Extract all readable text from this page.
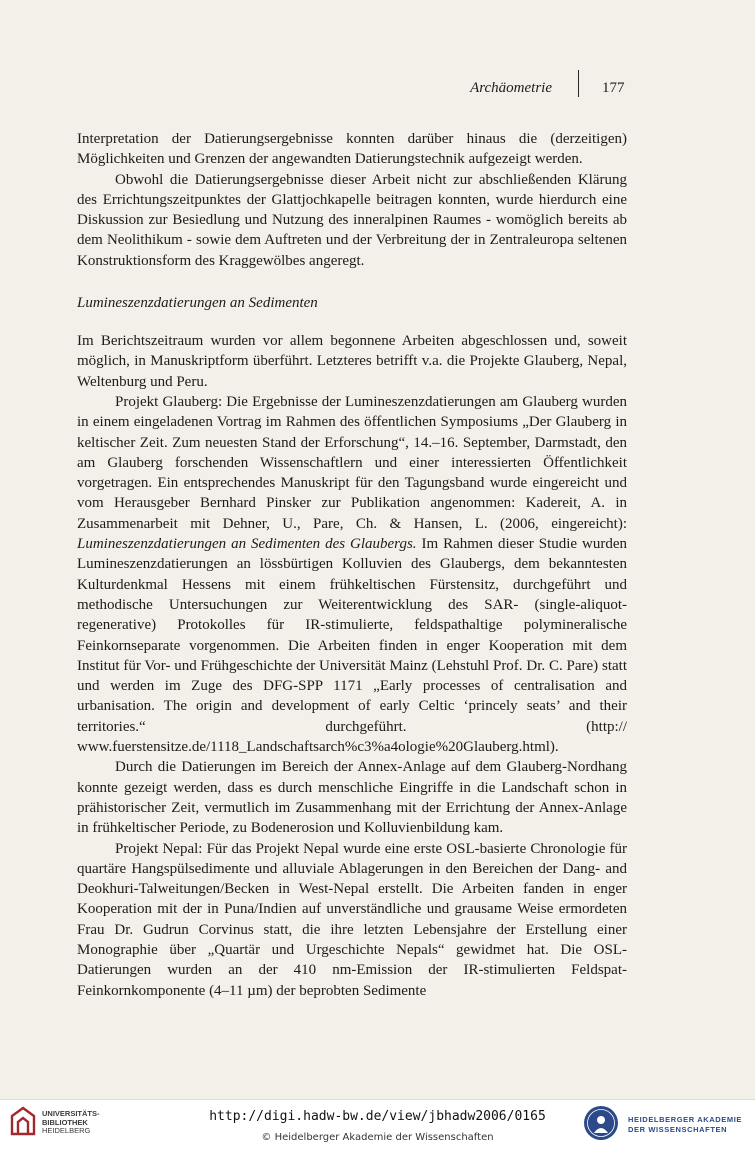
Archäometrie	177

Interpretation der Datierungsergebnisse konnten darüber hinaus die (derzeitigen) Möglichkeiten und Grenzen der angewandten Datierungstechnik aufgezeigt werden.

Obwohl die Datierungsergebnisse dieser Arbeit nicht zur abschließenden Klärung des Errichtungszeitpunktes der Glattjochkapelle beitragen konnten, wurde hierdurch eine Diskussion zur Besiedlung und Nutzung des inneralpinen Raumes - womöglich bereits ab dem Neolithikum - sowie dem Auftreten und der Verbreitung der in Zentraleuropa seltenen Konstruktionsform des Kraggewölbes angeregt.

Lumineszenzdatierungen an Sedimenten

Im Berichtszeitraum wurden vor allem begonnene Arbeiten abgeschlossen und, soweit möglich, in Manuskriptform überführt. Letzteres betrifft v.a. die Projekte Glauberg, Nepal, Weltenburg und Peru.

Projekt Glauberg: Die Ergebnisse der Lumineszenzdatierungen am Glauberg wurden in einem eingeladenen Vortrag im Rahmen des öffentlichen Symposiums „Der Glauberg in keltischer Zeit. Zum neuesten Stand der Erforschung“, 14.–16. September, Darmstadt, den am Glauberg forschenden Wissenschaftlern und einer interessierten Öffentlichkeit vorgetragen. Ein entsprechendes Manuskript für den Tagungsband wurde eingereicht und vom Herausgeber Bernhard Pinsker zur Publikation angenommen: Kadereit, A. in Zusammenarbeit mit Dehner, U., Pare, Ch. & Hansen, L. (2006, eingereicht): Lumineszenzdatierungen an Sedimenten des Glaubergs. Im Rahmen dieser Studie wurden Lumineszenzdatierungen an lössbürtigen Kolluvien des Glaubergs, dem bekanntesten Kulturdenkmal Hessens mit einem frühkeltischen Fürstensitz, durchgeführt und methodische Untersuchungen zur Weiterentwicklung des SAR- (single-aliquot-regenerative) Protokolles für IR-stimulierte, feldspathaltige polymineralische Feinkornseparate vorgenommen. Die Arbeiten finden in enger Kooperation mit dem Institut für Vor- und Frühgeschichte der Universität Mainz (Lehstuhl Prof. Dr. C. Pare) statt und werden im Zuge des DFG-SPP 1171 „Early processes of centralisation and urbanisation. The origin and development of early Celtic ‘princely seats’ and their territories.“ durchgeführt. (http:// www.fuerstensitze.de/1118_Landschaftsarch%c3%a4ologie%20Glauberg.html).

Durch die Datierungen im Bereich der Annex-Anlage auf dem Glauberg-Nordhang konnte gezeigt werden, dass es durch menschliche Eingriffe in die Landschaft schon in prähistorischer Zeit, vermutlich im Zusammenhang mit der Errichtung der Annex-Anlage in frühkeltischer Periode, zu Bodenerosion und Kolluvienbildung kam.

Projekt Nepal: Für das Projekt Nepal wurde eine erste OSL-basierte Chronologie für quartäre Hangspülsedimente und alluviale Ablagerungen in den Bereichen der Dang- and Deokhuri-Talweitungen/Becken in West-Nepal erstellt. Die Arbeiten fanden in enger Kooperation mit der in Puna/Indien auf unverständliche und grausame Weise ermordeten Frau Dr. Gudrun Corvinus statt, die ihre letzten Lebensjahre der Erstellung einer Monographie über „Quartär und Urgeschichte Nepals“ gewidmet hat. Die OSL-Datierungen wurden an der 410 nm-Emission der IR-stimulierten Feldspat-Feinkornkomponente (4–11 µm) der beprobten Sedimente

UNIVERSITÄTS-
BIBLIOTHEK
HEIDELBERG
http://digi.hadw-bw.de/view/jbhadw2006/0165
© Heidelberger Akademie der Wissenschaften
HEIDELBERGER AKADEMIE
DER WISSENSCHAFTEN
